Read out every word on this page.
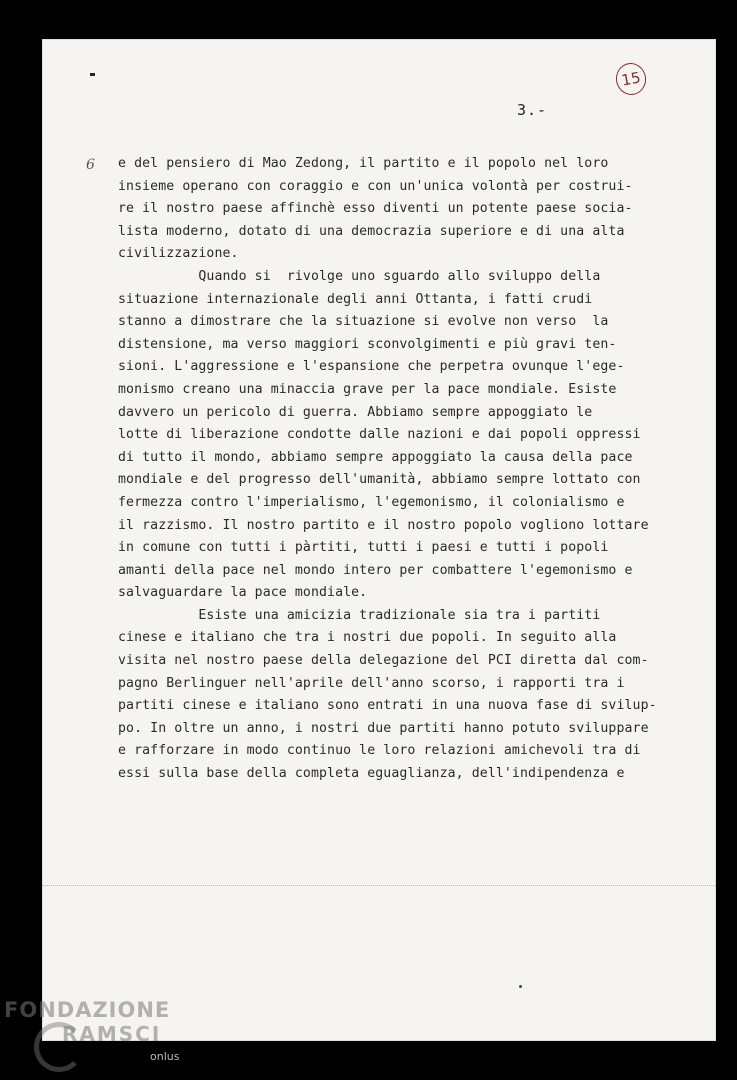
15
3.-
6 e del pensiero di Mao Zedong, il partito e il popolo nel loro
insieme operano con coraggio e con un'unica volontà per costrui-
re il nostro paese affinchè esso diventi un potente paese socia-
lista moderno, dotato di una democrazia superiore e di una alta
civilizzazione.
Quando si  rivolge uno sguardo allo sviluppo della
situazione internazionale degli anni Ottanta, i fatti crudi
stanno a dimostrare che la situazione si evolve non verso  la
distensione, ma verso maggiori sconvolgimenti e più gravi ten-
sioni. L'aggressione e l'espansione che perpetra ovunque l'ege-
monismo creano una minaccia grave per la pace mondiale. Esiste
davvero un pericolo di guerra. Abbiamo sempre appoggiato le
lotte di liberazione condotte dalle nazioni e dai popoli oppressi
di tutto il mondo, abbiamo sempre appoggiato la causa della pace
mondiale e del progresso dell'umanità, abbiamo sempre lottato con
fermezza contro l'imperialismo, l'egemonismo, il colonialismo e
il razzismo. Il nostro partito e il nostro popolo vogliono lottare
in comune con tutti i pàrtiti, tutti i paesi e tutti i popoli
amanti della pace nel mondo intero per combattere l'egemonismo e
salvaguardare la pace mondiale.
Esiste una amicizia tradizionale sia tra i partiti
cinese e italiano che tra i nostri due popoli. In seguito alla
visita nel nostro paese della delegazione del PCI diretta dal com-
pagno Berlinguer nell'aprile dell'anno scorso, i rapporti tra i
partiti cinese e italiano sono entrati in una nuova fase di svilup-
po. In oltre un anno, i nostri due partiti hanno potuto sviluppare
e rafforzare in modo continuo le loro relazioni amichevoli tra di
essi sulla base della completa eguaglianza, dell'indipendenza e
FONDAZIONE
RAMSCI
onlus
